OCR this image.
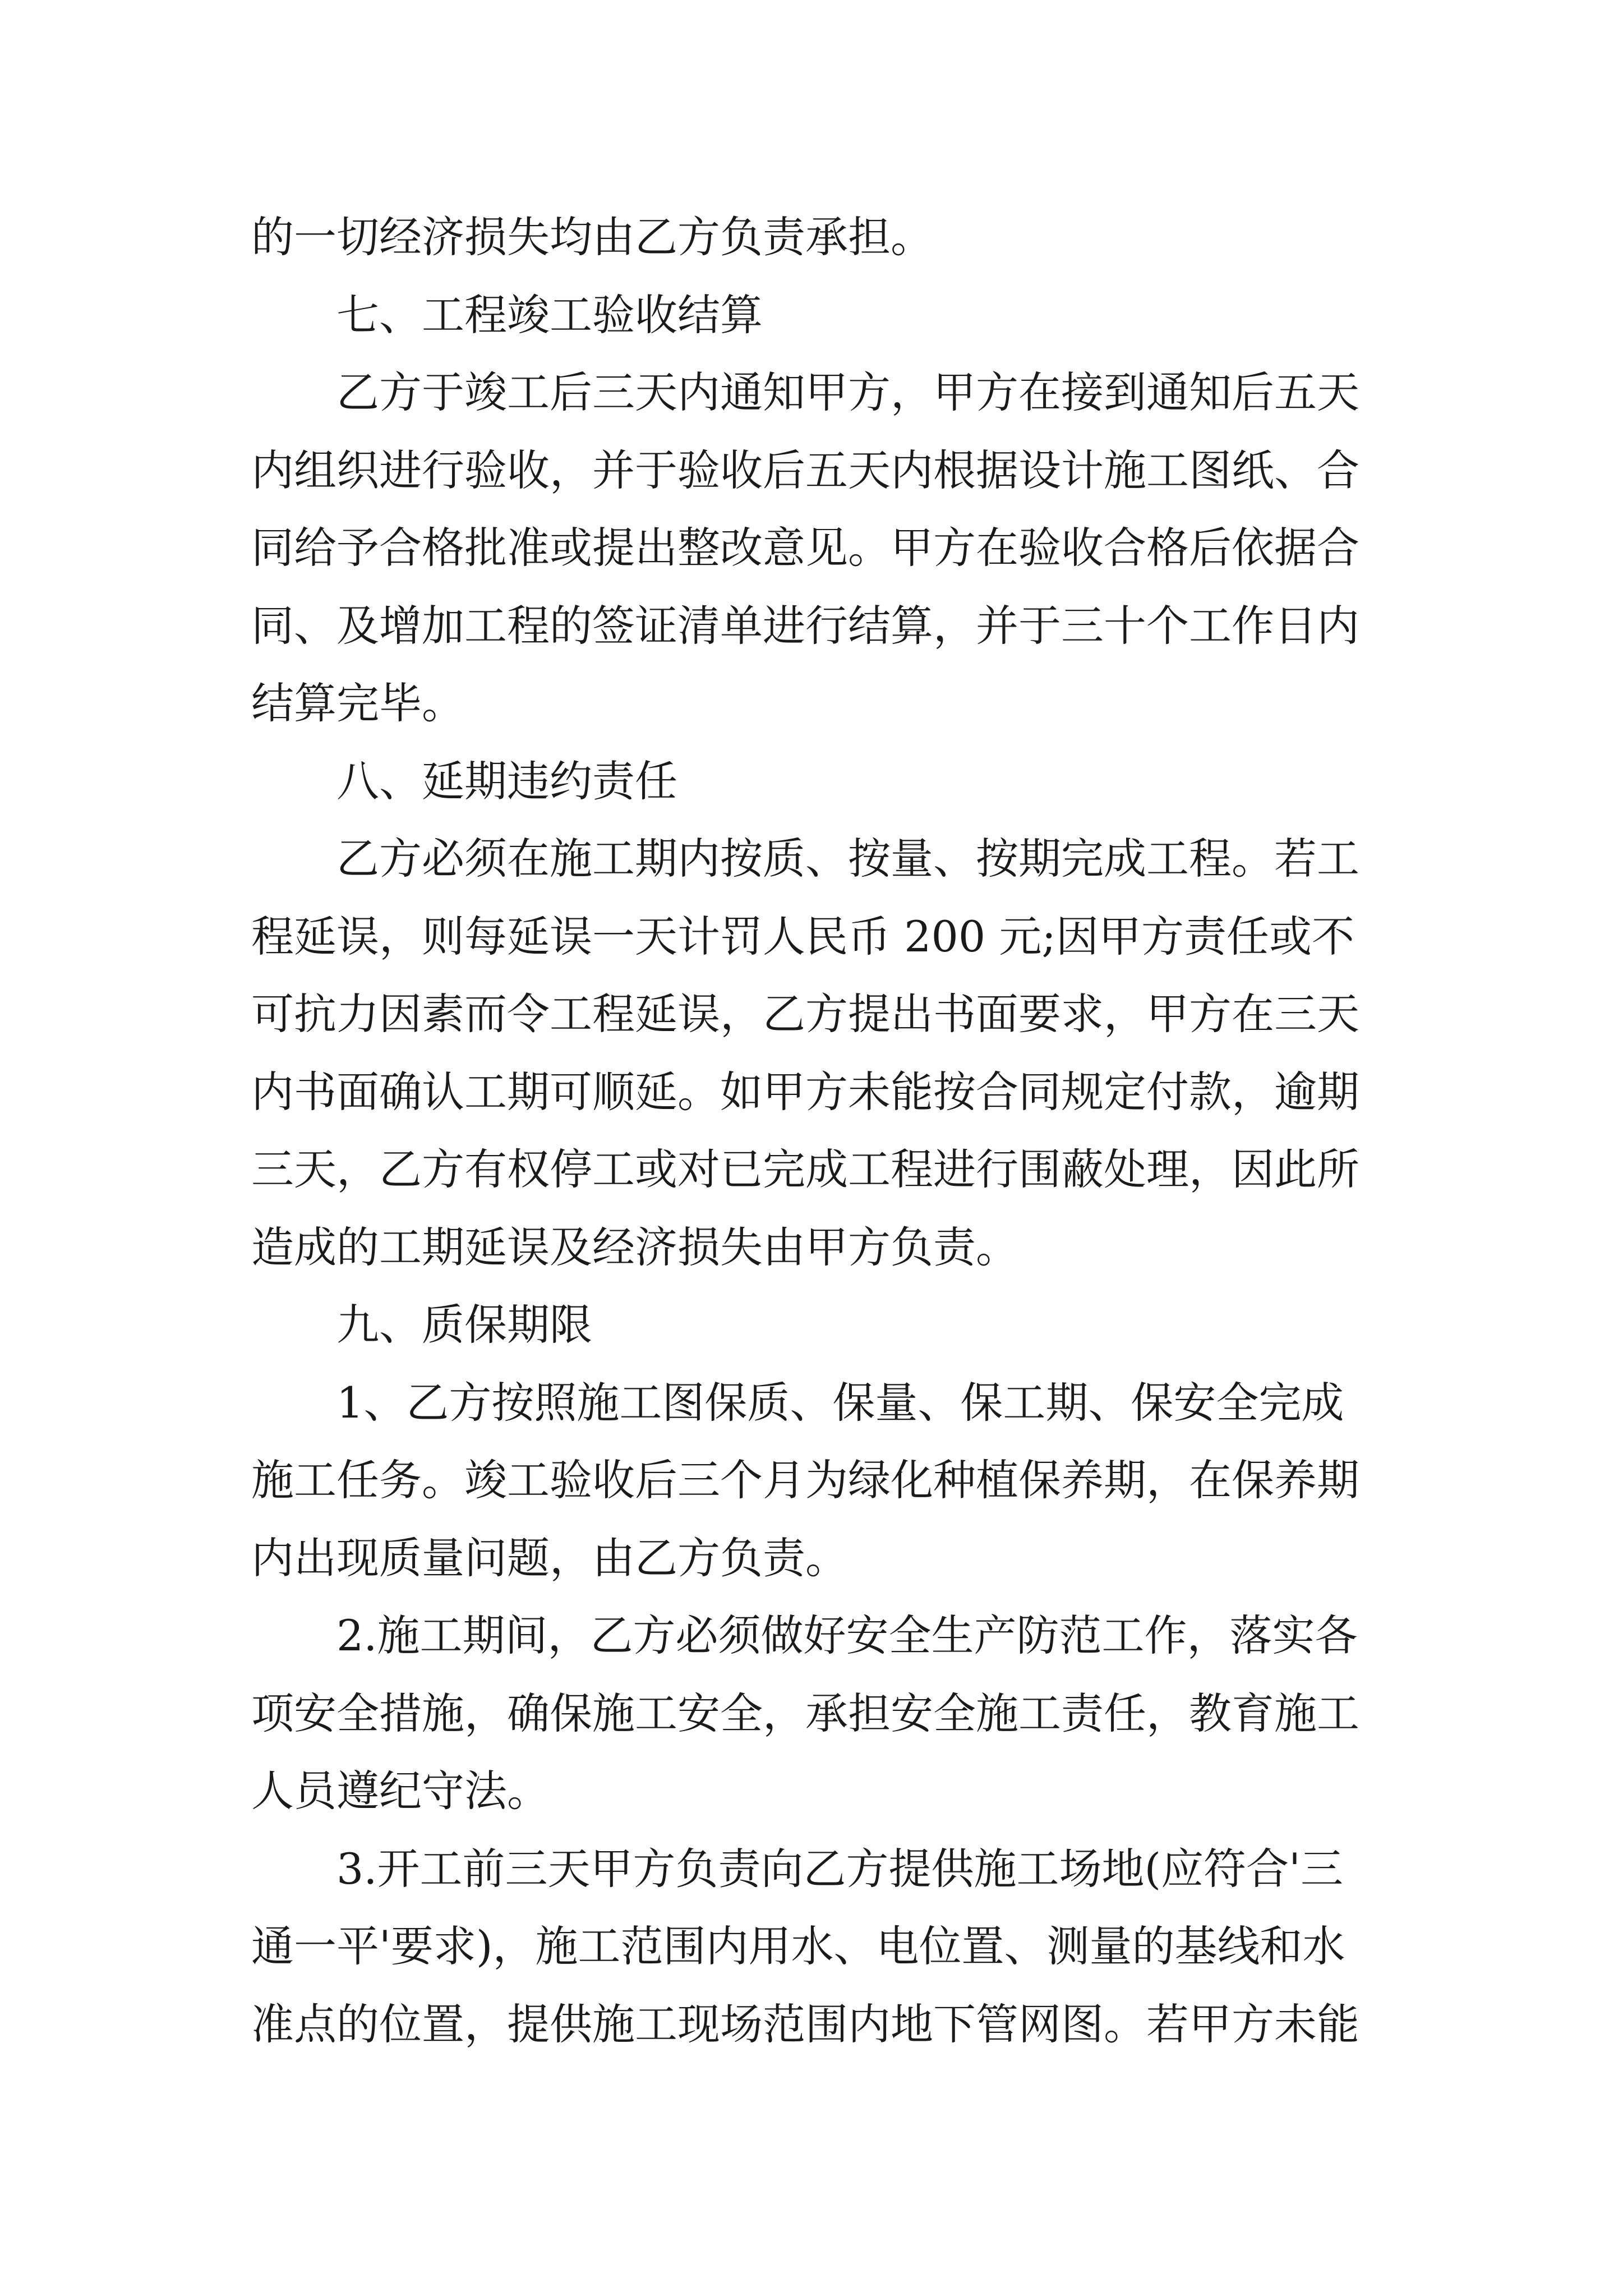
的一切经济损失均由乙方负责承担。
七、工程竣工验收结算
乙方于竣工后三天内通知甲方，甲方在接到通知后五天
内组织进行验收，并于验收后五天内根据设计施工图纸、合
同给予合格批准或提出整改意见。甲方在验收合格后依据合
同、及增加工程的签证清单进行结算，并于三十个工作日内
结算完毕。
八、延期违约责任
乙方必须在施工期内按质、按量、按期完成工程。若工
程延误，则每延误一天计罚人民币 200 元;因甲方责任或不
可抗力因素而令工程延误，乙方提出书面要求，甲方在三天
内书面确认工期可顺延。如甲方未能按合同规定付款，逾期
三天，乙方有权停工或对已完成工程进行围蔽处理，因此所
造成的工期延误及经济损失由甲方负责。
九、质保期限
1、乙方按照施工图保质、保量、保工期、保安全完成
施工任务。竣工验收后三个月为绿化种植保养期，在保养期
内出现质量问题，由乙方负责。
2.施工期间，乙方必须做好安全生产防范工作，落实各
项安全措施，确保施工安全，承担安全施工责任，教育施工
人员遵纪守法。
3.开工前三天甲方负责向乙方提供施工场地(应符合'三
通一平'要求)，施工范围内用水、电位置、测量的基线和水
准点的位置，提供施工现场范围内地下管网图。若甲方未能
